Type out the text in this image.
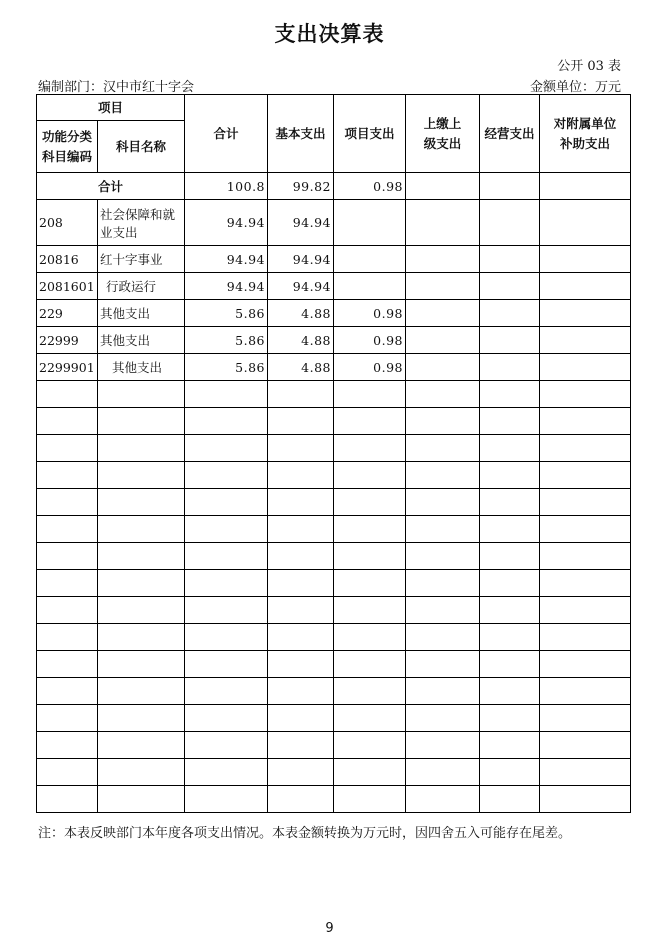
支出决算表
公开 03 表
编制部门：汉中市红十字会	金额单位：万元
项目		合计	基本支出	项目支出	上缴上级支出	经营支出	对附属单位补助支出
功能分类科目编码	科目名称						
合计		100.8	99.82	0.98			
208	社会保障和就业支出	94.94	94.94				
20816	红十字事业	94.94	94.94				
2081601	行政运行	94.94	94.94				
229	其他支出	5.86	4.88	0.98			
22999	其他支出	5.86	4.88	0.98			
2299901	其他支出	5.86	4.88	0.98			

注：本表反映部门本年度各项支出情况。本表金额转换为万元时，因四舍五入可能存在尾差。
9
